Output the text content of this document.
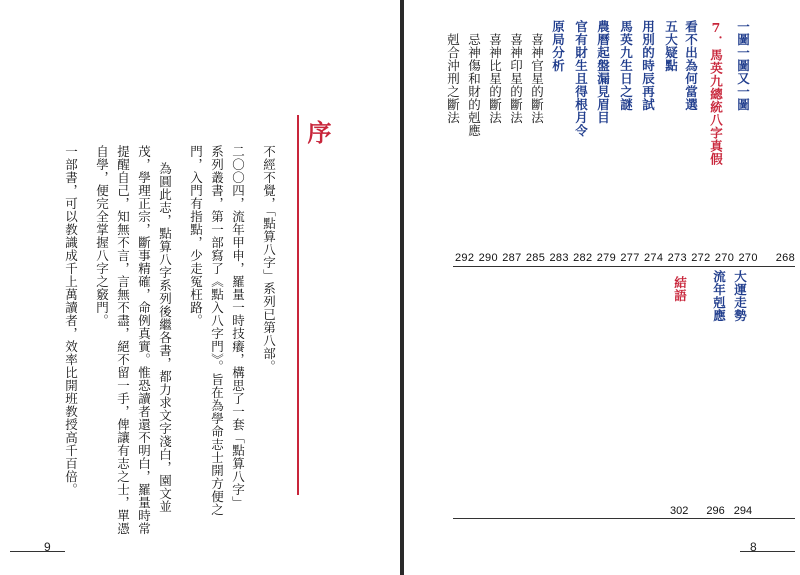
序
不經不覺，「點算八字」系列已第八部。
二〇〇四，流年甲申，羅量一時技癢，構思了一套「點算八字」
系列叢書，第一部寫了《點入八字門》。旨在為學命志士開方便之
門，入門有指點，少走冤枉路。
為圓此志，點算八字系列後繼各書，都力求文字淺白，園文並
茂，學理正宗，斷事精確，命例真實。惟恐讀者還不明白，羅量時常
提醒自己，知無不言，言無不盡，絕不留一手，俾讓有志之士，單憑
自學，便完全掌握八字之竅門。
一部書，可以教識成千上萬讀者，效率比開班教授高千百倍。
9
一圖一圖又一圖
7．馬英九總統八字真假
看不出為何當選
五大疑點
用別的時辰再試
馬英九生日之謎
農曆起盤漏見眉目
官有財生且得根月令
原局分析
喜神官星的斷法
喜神印星的斷法
喜神比星的斷法
忌神傷和財的剋應
剋合沖刑之斷法
大運走勢
流年剋應
結語
8
292 290 287 285 283 282 279 277 274 273 272 270 270 268
302 296 294
